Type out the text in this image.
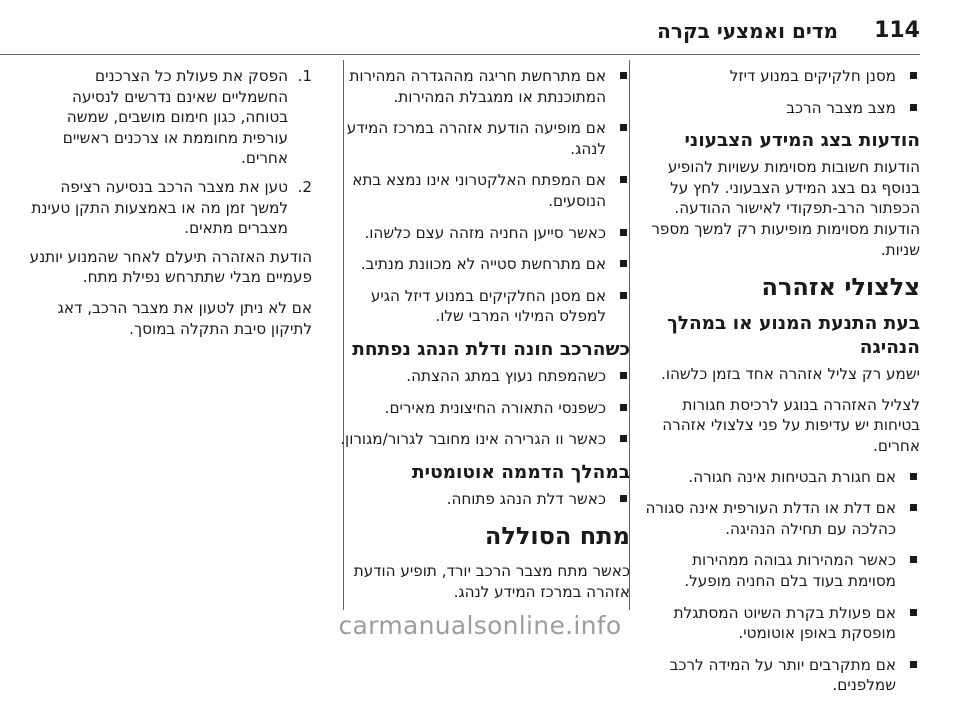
114
מדים ואמצעי בקרה
מסנן חלקיקים במנוע דיזל
מצב מצבר הרכב
הודעות בצג המידע הצבעוני

הודעות חשובות מסוימות עשויות להופיע בנוסף גם בצג המידע הצבעוני. לחץ על הכפתור הרב-תפקודי לאישור ההודעה. הודעות מסוימות מופיעות רק למשך מספר שניות.

צלצולי אזהרה
בעת התנעת המנוע או במהלך הנהיגה

ישמע רק צליל אזהרה אחד בזמן כלשהו.

לצליל האזהרה בנוגע לרכיסת חגורות בטיחות יש עדיפות על פני צלצולי אזהרה אחרים.

אם חגורת הבטיחות אינה חגורה.
אם דלת או הדלת העורפית אינה סגורה כהלכה עם תחילה הנהיגה.
כאשר המהירות גבוהה ממהירות מסוימת בעוד בלם החניה מופעל.
אם פעולת בקרת השיוט המסתגלת מופסקת באופן אוטומטי.
אם מתקרבים יותר על המידה לרכב שמלפנים.
אם מתרחשת חריגה מההגדרה המהירות המתוכנתת או ממגבלת המהירות.
אם מופיעה הודעת אזהרה במרכז המידע לנהג.
אם המפתח האלקטרוני אינו נמצא בתא הנוסעים.
כאשר סייען החניה מזהה עצם כלשהו.
אם מתרחשת סטייה לא מכוונת מנתיב.
אם מסנן החלקיקים במנוע דיזל הגיע למפלס המילוי המרבי שלו.
כשהרכב חונה ודלת הנהג נפתחת
כשהמפתח נעוץ במתג ההצתה.
כשפנסי התאורה החיצונית מאירים.
כאשר וו הגרירה אינו מחובר לגרור/מגורון.
במהלך הדממה אוטומטית
כאשר דלת הנהג פתוחה.
מתח הסוללה

כאשר מתח מצבר הרכב יורד, תופיע הודעת אזהרה במרכז המידע לנהג.

1.
הפסק את פעולת כל הצרכנים החשמליים שאינם נדרשים לנסיעה בטוחה, כגון חימום מושבים, שמשה עורפית מחוממת או צרכנים ראשיים אחרים.
2.
טען את מצבר הרכב בנסיעה רציפה למשך זמן מה או באמצעות התקן טעינת מצברים מתאים.

הודעת האזהרה תיעלם לאחר שהמנוע יותנע פעמיים מבלי שתתרחש נפילת מתח.

אם לא ניתן לטעון את מצבר הרכב, דאג לתיקון סיבת התקלה במוסך.

carmanualsonline.info
